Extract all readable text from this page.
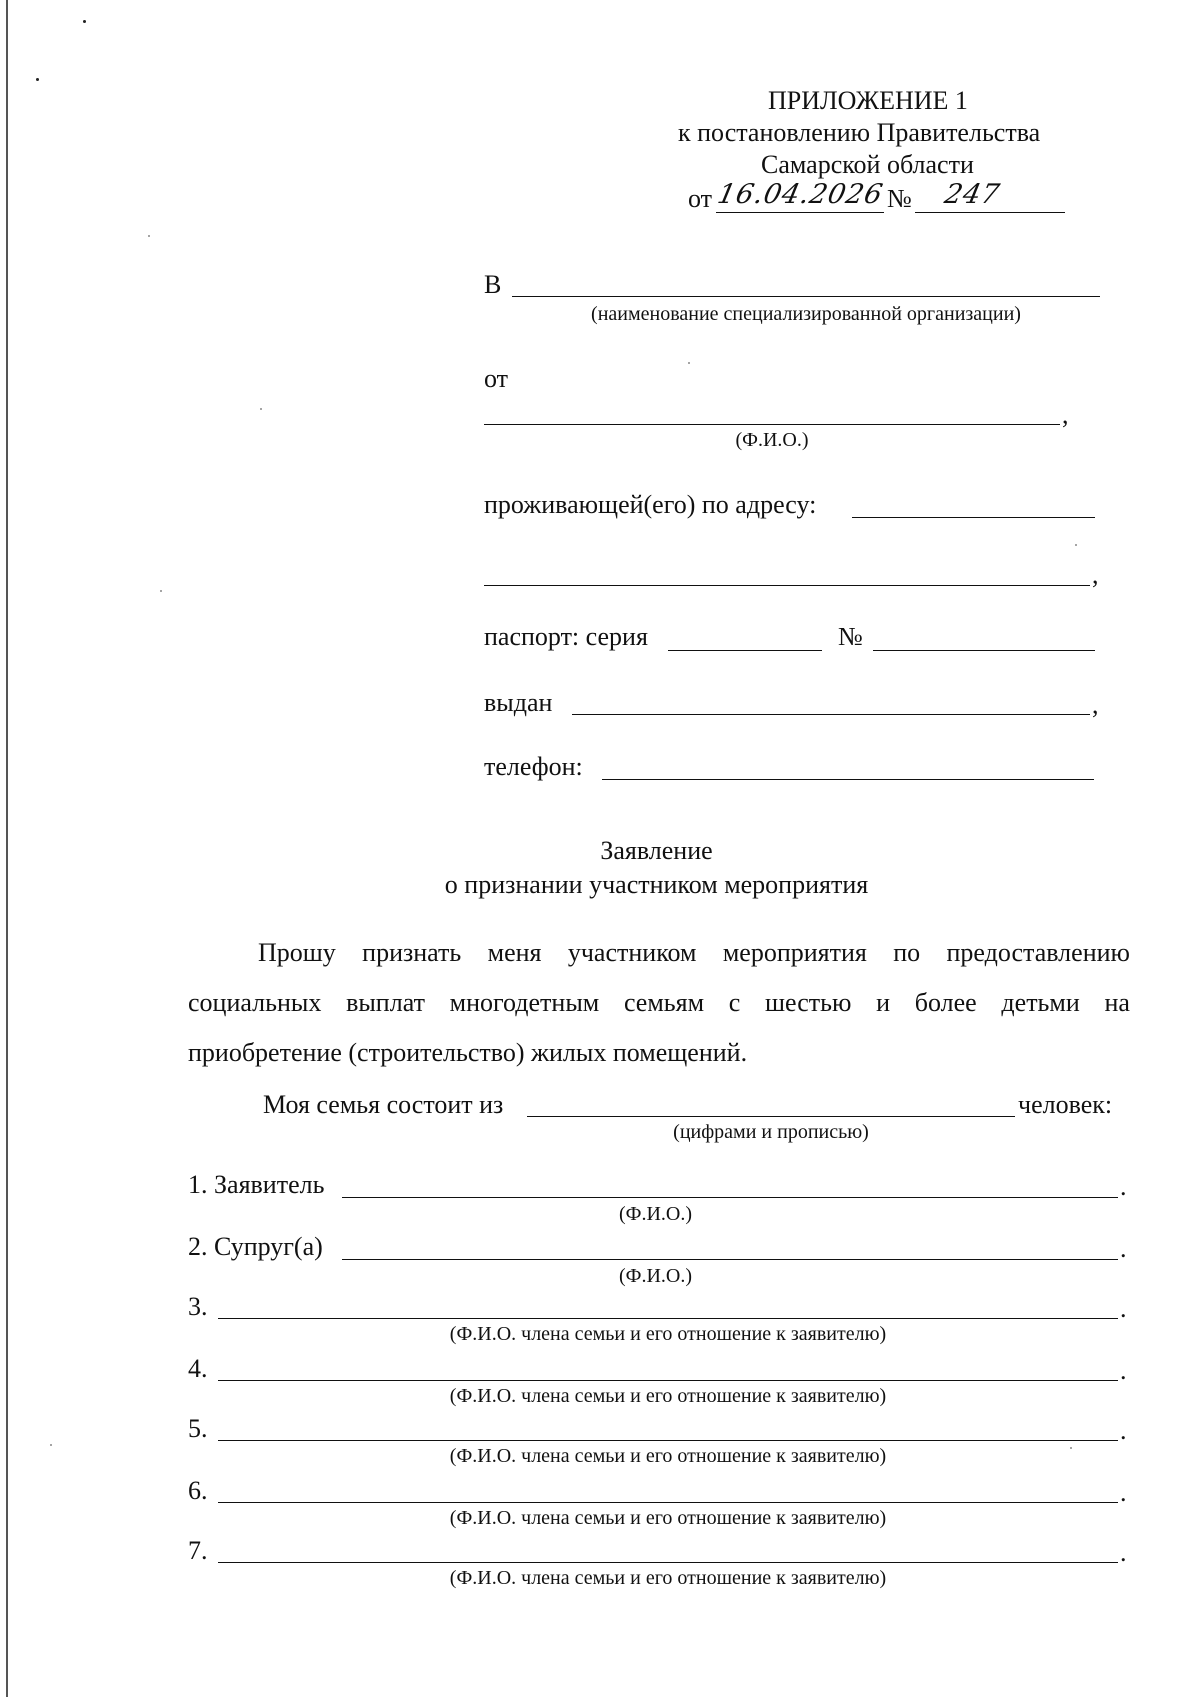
ПРИЛОЖЕНИЕ 1
к постановлению Правительства
Самарской области
от 16.04.2026 № 247
В
(наименование специализированной организации)
от
,
(Ф.И.О.)
проживающей(его) по адресу:
,
паспорт: серия	№
выдан	,
телефон:
Заявление
о признании участником мероприятия
Прошу признать меня участником мероприятия по предоставлению
социальных выплат многодетным семьям с шестью и более детьми на
приобретение (строительство) жилых помещений.
Моя семья состоит из	человек:
(цифрами и прописью)
1. Заявитель	.
(Ф.И.О.)
2. Супруг(а)	.
(Ф.И.О.)
3.	.
(Ф.И.О. члена семьи и его отношение к заявителю)
4.	.
(Ф.И.О. члена семьи и его отношение к заявителю)
5.	.
(Ф.И.О. члена семьи и его отношение к заявителю)
6.	.
(Ф.И.О. члена семьи и его отношение к заявителю)
7.	.
(Ф.И.О. члена семьи и его отношение к заявителю)
